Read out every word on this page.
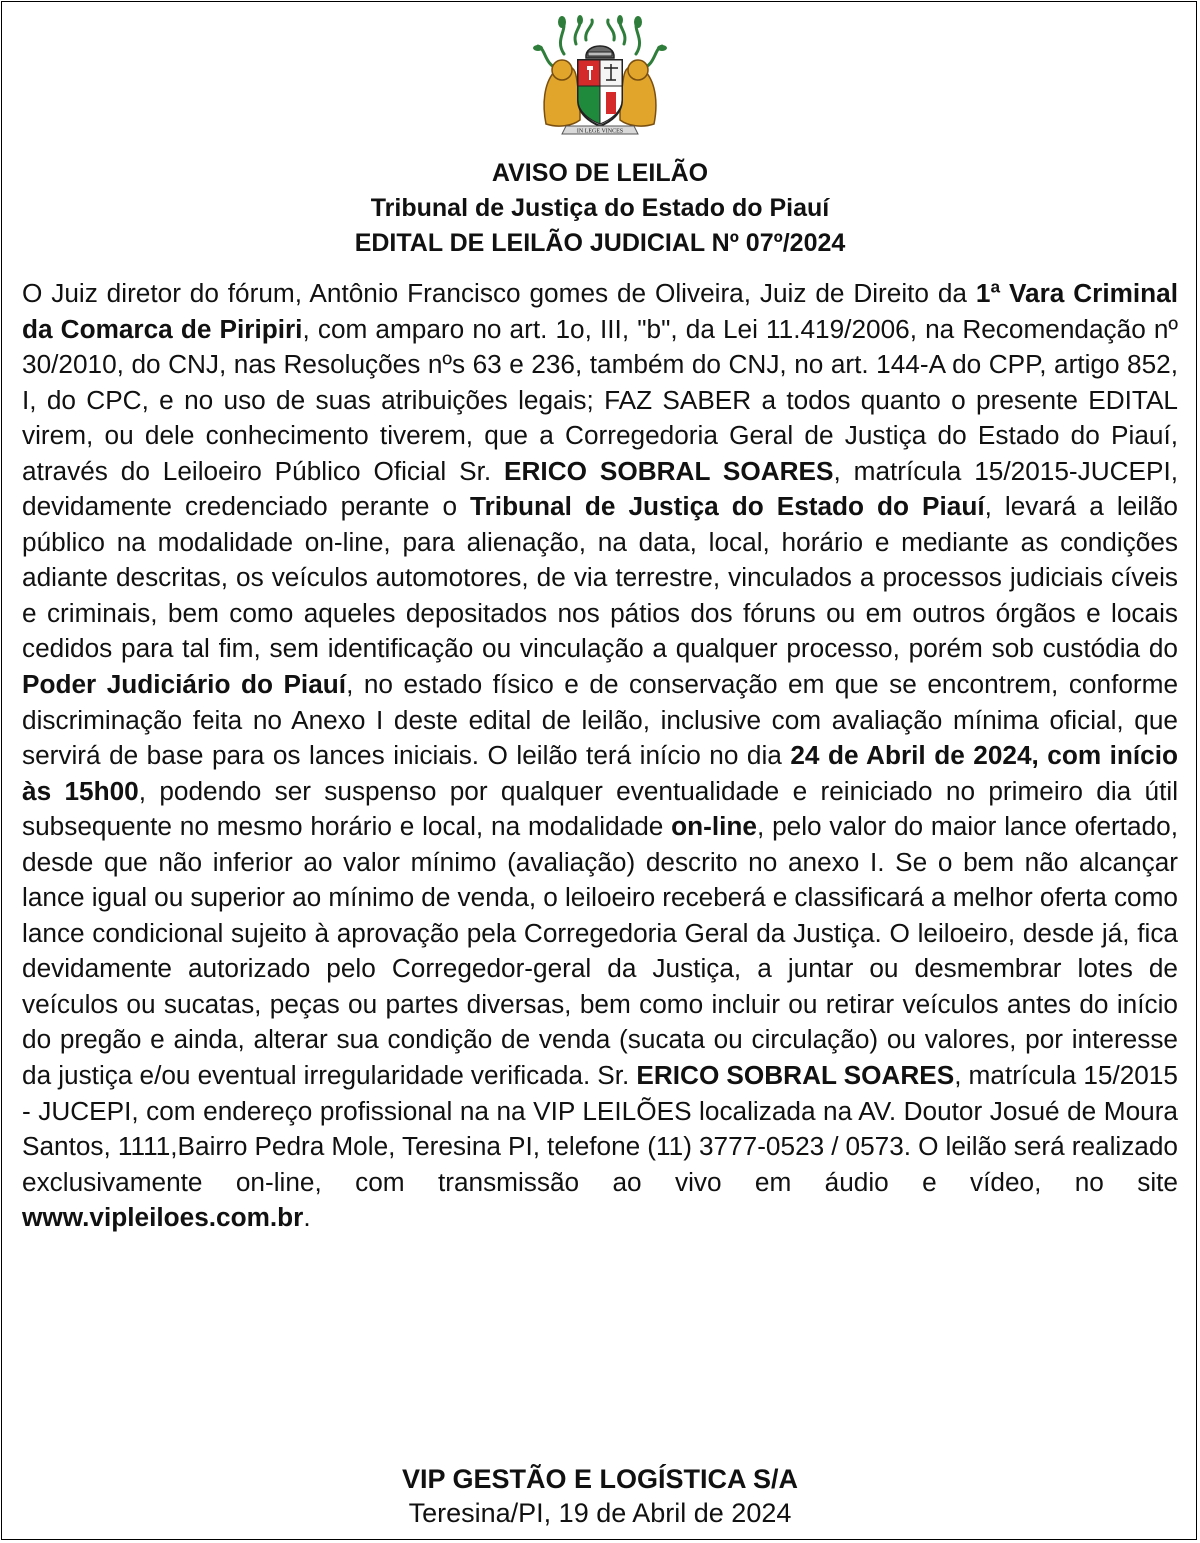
IN LEGE VINCES
AVISO DE LEILÃO
Tribunal de Justiça do Estado do Piauí
EDITAL DE LEILÃO JUDICIAL Nº 07º/2024

O Juiz diretor do fórum, Antônio Francisco gomes de Oliveira, Juiz de Direito da 1ª Vara Criminal da Comarca de Piripiri, com amparo no art. 1o, III, "b", da Lei 11.419/2006, na Recomendação nº 30/2010, do CNJ, nas Resoluções nºs 63 e 236, também do CNJ, no art. 144-A do CPP, artigo 852, I, do CPC, e no uso de suas atribuições legais; FAZ SABER a todos quanto o presente EDITAL virem, ou dele conhecimento tiverem, que a Corregedoria Geral de Justiça do Estado do Piauí, através do Leiloeiro Público Oficial Sr. ERICO SOBRAL SOARES, matrícula 15/2015-JUCEPI, devidamente credenciado perante o Tribunal de Justiça do Estado do Piauí, levará a leilão público na modalidade on-line, para alienação, na data, local, horário e mediante as condições adiante descritas, os veículos automotores, de via terrestre, vinculados a processos judiciais cíveis e criminais, bem como aqueles depositados nos pátios dos fóruns ou em outros órgãos e locais cedidos para tal fim, sem identificação ou vinculação a qualquer processo, porém sob custódia do Poder Judiciário do Piauí, no estado físico e de conservação em que se encontrem, conforme discriminação feita no Anexo I deste edital de leilão, inclusive com avaliação mínima oficial, que servirá de base para os lances iniciais. O leilão terá início no dia 24 de Abril de 2024, com início às 15h00, podendo ser suspenso por qualquer eventualidade e reiniciado no primeiro dia útil subsequente no mesmo horário e local, na modalidade on-line, pelo valor do maior lance ofertado, desde que não inferior ao valor mínimo (avaliação) descrito no anexo I. Se o bem não alcançar lance igual ou superior ao mínimo de venda, o leiloeiro receberá e classificará a melhor oferta como lance condicional sujeito à aprovação pela Corregedoria Geral da Justiça. O leiloeiro, desde já, fica devidamente autorizado pelo Corregedor-geral da Justiça, a juntar ou desmembrar lotes de veículos ou sucatas, peças ou partes diversas, bem como incluir ou retirar veículos antes do início do pregão e ainda, alterar sua condição de venda (sucata ou circulação) ou valores, por interesse da justiça e/ou eventual irregularidade verificada. Sr. ERICO SOBRAL SOARES, matrícula 15/2015 - JUCEPI, com endereço profissional na na VIP LEILÕES localizada na AV. Doutor Josué de Moura Santos, 1111,Bairro Pedra Mole, Teresina PI, telefone (11) 3777-0523 / 0573. O leilão será realizado exclusivamente on-line, com transmissão ao vivo em áudio e vídeo, no site www.vipleiloes.com.br.

VIP GESTÃO E LOGÍSTICA S/A

Teresina/PI, 19 de Abril de 2024
